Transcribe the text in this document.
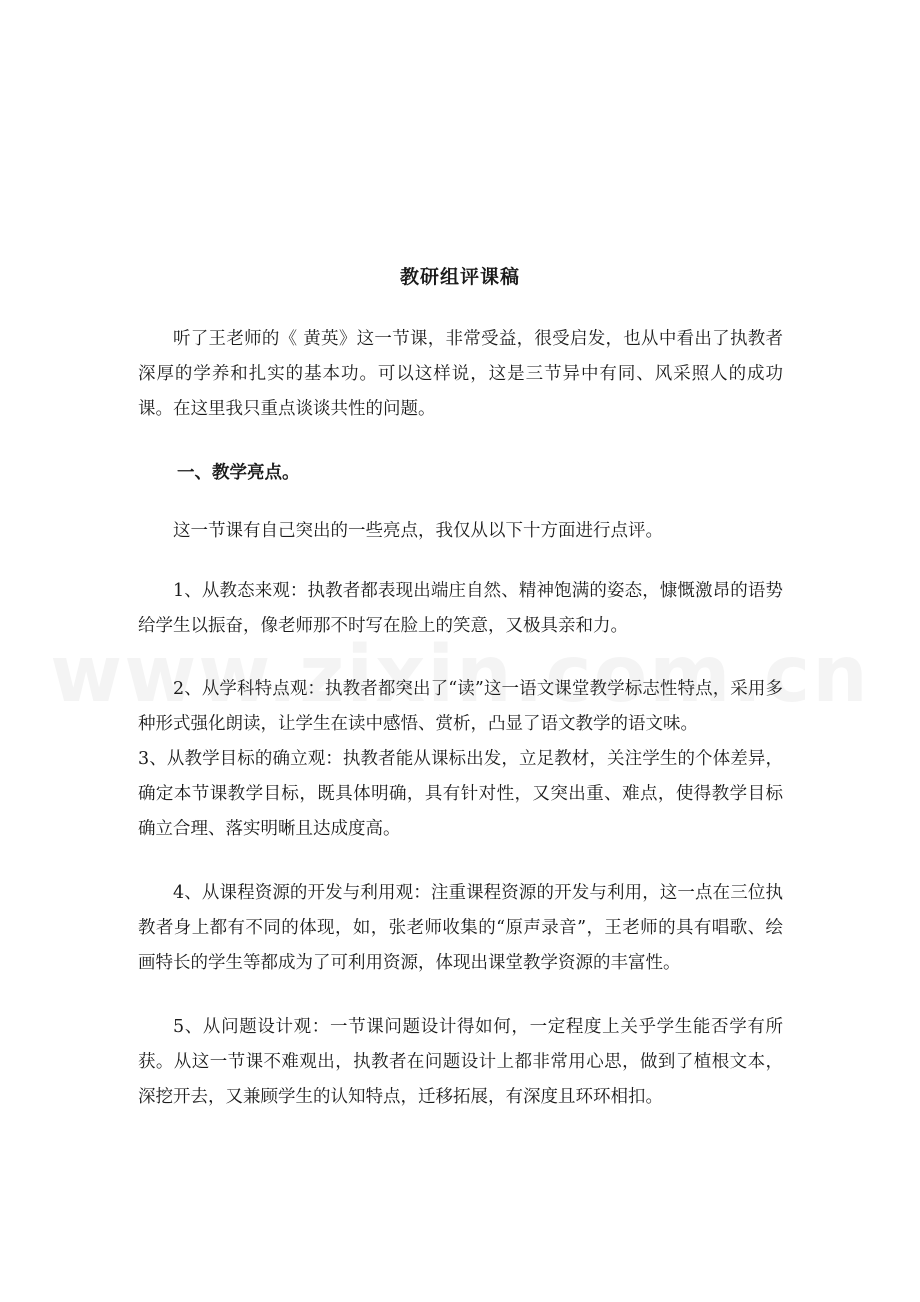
教研组评课稿

听了王老师的《 黄英》这一节课，非常受益，很受启发，也从中看出了执教者深厚的学养和扎实的基本功。可以这样说，这是三节异中有同、风采照人的成功课。在这里我只重点谈谈共性的问题。

一、教学亮点。

这一节课有自己突出的一些亮点，我仅从以下十方面进行点评。

1、从教态来观：执教者都表现出端庄自然、精神饱满的姿态，慷慨激昂的语势给学生以振奋，像老师那不时写在脸上的笑意，又极具亲和力。

2、从学科特点观：执教者都突出了“读”这一语文课堂教学标志性特点，采用多种形式强化朗读，让学生在读中感悟、赏析，凸显了语文教学的语文味。

3、从教学目标的确立观：执教者能从课标出发，立足教材，关注学生的个体差异，确定本节课教学目标，既具体明确，具有针对性，又突出重、难点，使得教学目标确立合理、落实明晰且达成度高。

4、从课程资源的开发与利用观：注重课程资源的开发与利用，这一点在三位执教者身上都有不同的体现，如，张老师收集的“原声录音”，王老师的具有唱歌、绘画特长的学生等都成为了可利用资源，体现出课堂教学资源的丰富性。

5、从问题设计观：一节课问题设计得如何，一定程度上关乎学生能否学有所获。从这一节课不难观出，执教者在问题设计上都非常用心思，做到了植根文本，深挖开去，又兼顾学生的认知特点，迁移拓展，有深度且环环相扣。
